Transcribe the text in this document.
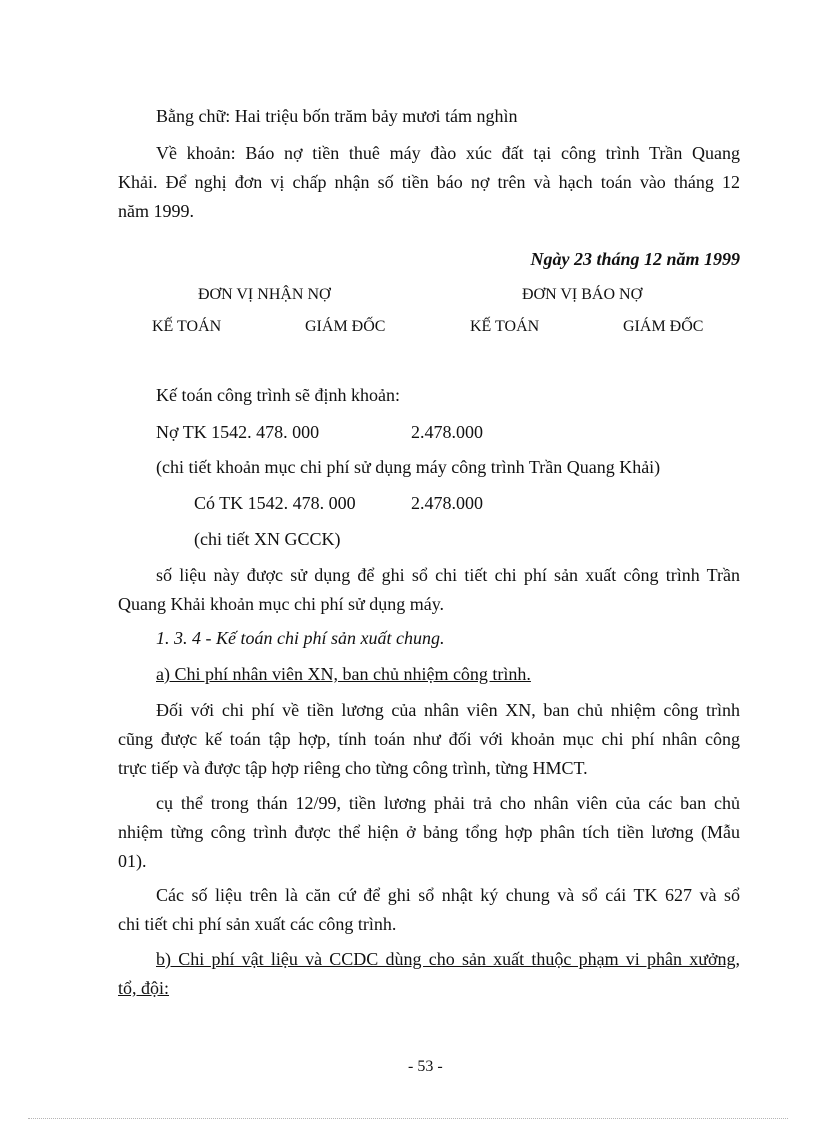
Bằng chữ: Hai triệu bốn trăm bảy mươi tám nghìn
Về khoản: Báo nợ tiền thuê máy đào xúc đất tại công trình Trần Quang
Khải. Để nghị đơn vị chấp nhận số tiền báo nợ trên và hạch toán vào tháng 12
năm 1999.
Ngày 23 tháng 12 năm 1999
ĐƠN VỊ NHẬN NỢ	ĐƠN VỊ BÁO NỢ
KẾ TOÁN	GIÁM ĐỐC	KẾ TOÁN	GIÁM ĐỐC
Kế toán công trình sẽ định khoản:
Nợ TK 1542. 478. 000	2.478.000
(chi tiết khoản mục chi phí sử dụng máy công trình Trần Quang Khải)
Có TK 1542. 478. 000	2.478.000
(chi tiết XN GCCK)
số liệu này được sử dụng để ghi sổ chi tiết chi phí sản xuất công trình Trần
Quang Khải khoản mục chi phí sử dụng máy.
1. 3. 4 - Kế toán chi phí sản xuất chung.
a) Chi phí nhân viên XN, ban chủ nhiệm công trình.
Đối với chi phí về tiền lương của nhân viên XN, ban chủ nhiệm công trình
cũng được kế toán tập hợp, tính toán như đối với khoản mục chi phí nhân công
trực tiếp và được tập hợp riêng cho từng công trình, từng HMCT.
cụ thể trong thán 12/99, tiền lương phải trả cho nhân viên của các ban chủ
nhiệm từng công trình được thể hiện ở bảng tổng hợp phân tích tiền lương (Mẫu
01).
Các số liệu trên là căn cứ để ghi sổ nhật ký chung và sổ cái TK 627 và sổ
chi tiết chi phí sản xuất các công trình.
b) Chi phí vật liệu và CCDC dùng cho sản xuất thuộc phạm vi phân xưởng,
tổ, đội:
- 53 -
